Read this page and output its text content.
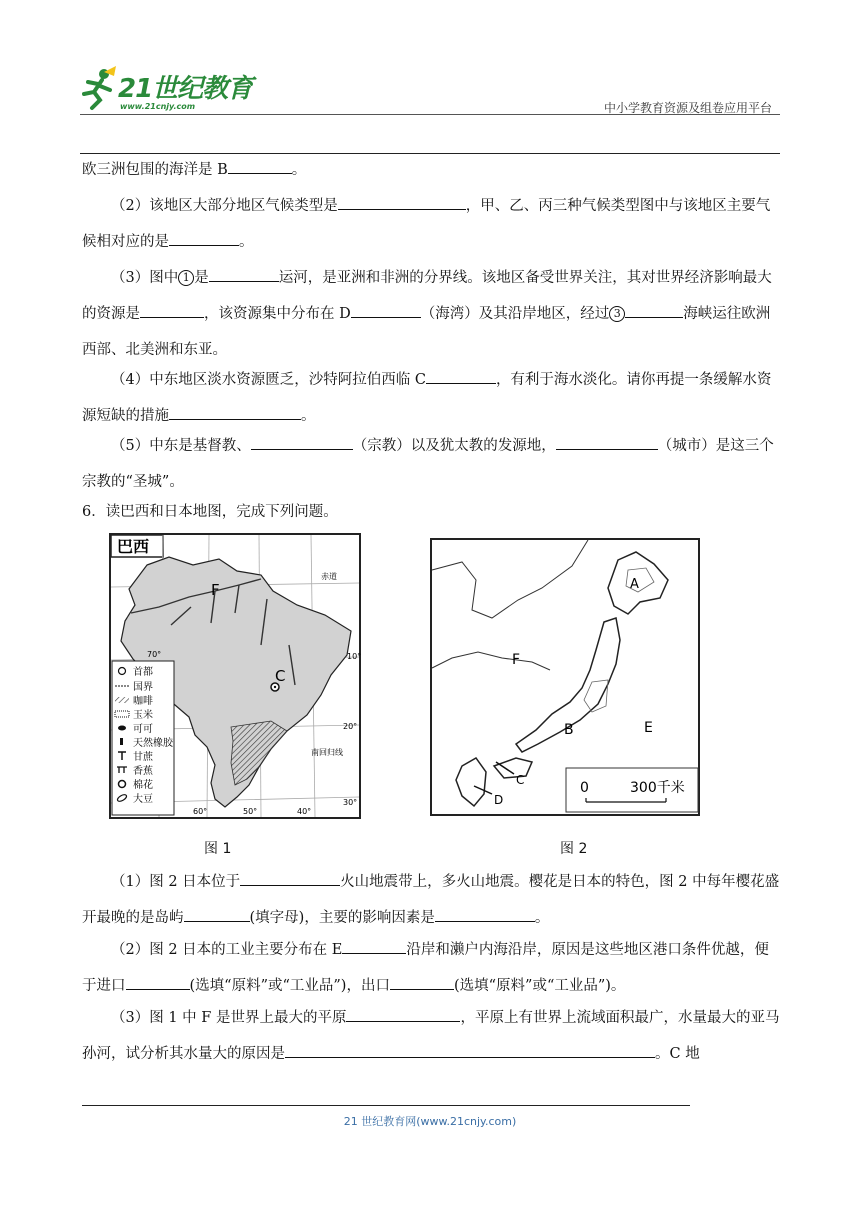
21世纪教育
www.21cnjy.com	中小学教育资源及组卷应用平台
欧三洲包围的海洋是 B	。
（2）该地区大部分地区气候类型是	，甲、乙、丙三种气候类型图中与该地区主要气候相对应的是	。
（3）图中 1 是	运河，是亚洲和非洲的分界线。该地区备受世界关注，其对世界经济影响最大的资源是	，该资源集中分布在 D	（海湾）及其沿岸地区，经过 3	海峡运往欧洲西部、北美洲和东亚。
（4）中东地区淡水资源匮乏，沙特阿拉伯西临 C	，有利于海水淡化。请你再提一条缓解水资源短缺的措施	。
（5）中东是基督教、	（宗教）以及犹太教的发源地，	（城市）是这三个宗教的“圣城”。
6．读巴西和日本地图，完成下列问题。
巴西
F
C
赤道
南回归线
10°
20°
30°
70°
60°	50°	40°
首都
国界
咖啡
玉米
可可
天然橡胶
甘蔗
香蕉
棉花
大豆
图 1
A
B
C
D
E
F
0	300千米
图 2
（1）图 2 日本位于	火山地震带上，多火山地震。樱花是日本的特色，图 2 中每年樱花盛开最晚的是岛屿	(填字母)，主要的影响因素是	。
（2）图 2 日本的工业主要分布在 E	沿岸和濑户内海沿岸，原因是这些地区港口条件优越，便于进口	(选填“原料”或“工业品”)，出口	(选填“原料”或“工业品”)。
（3）图 1 中 F 是世界上最大的平原	，平原上有世界上流域面积最广，水量最大的亚马孙河，试分析其水量大的原因是	。C 地
21 世纪教育网(www.21cnjy.com)
